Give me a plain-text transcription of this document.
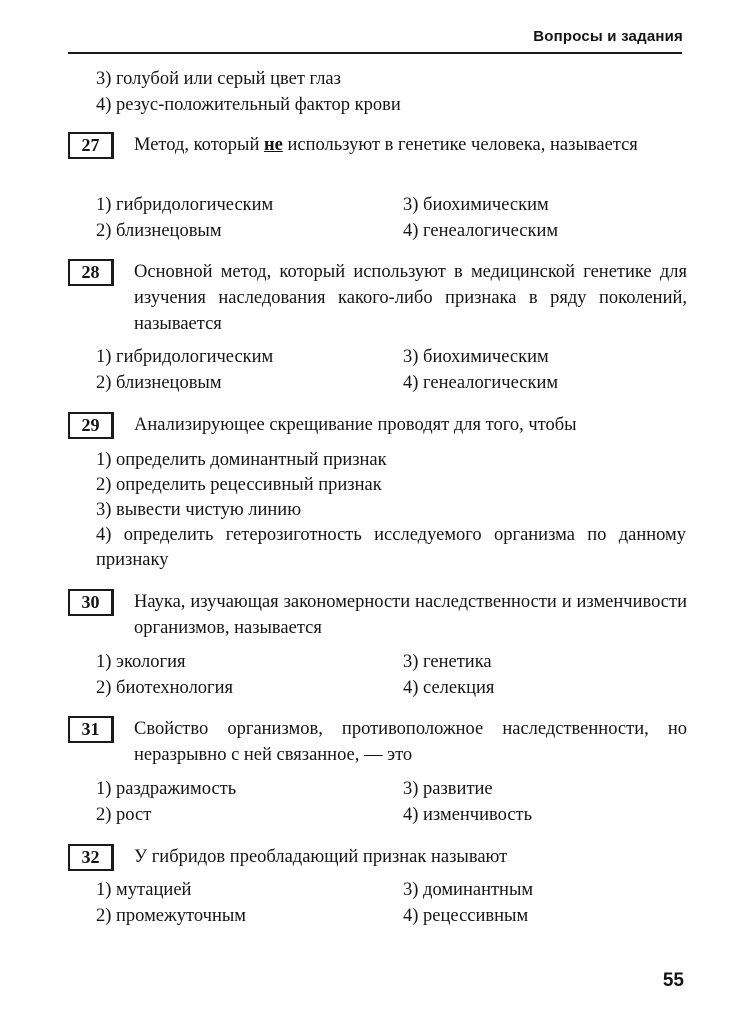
Вопросы и задания
3) голубой или серый цвет глаз
4) резус-положительный фактор крови
27	Метод, который не используют в генетике человека, называется
1) гибридологическим	3) биохимическим
2) близнецовым	4) генеалогическим
28	Основной метод, который используют в медицинской генетике для изучения наследования какого-либо признака в ряду поколений, называется
1) гибридологическим	3) биохимическим
2) близнецовым	4) генеалогическим
29	Анализирующее скрещивание проводят для того, чтобы
1) определить доминантный признак
2) определить рецессивный признак
3) вывести чистую линию
4) определить гетерозиготность исследуемого организма по данному признаку
30	Наука, изучающая закономерности наследственности и изменчивости организмов, называется
1) экология	3) генетика
2) биотехнология	4) селекция
31	Свойство организмов, противоположное наследственности, но неразрывно с ней связанное, — это
1) раздражимость	3) развитие
2) рост	4) изменчивость
32	У гибридов преобладающий признак называют
1) мутацией	3) доминантным
2) промежуточным	4) рецессивным
55
